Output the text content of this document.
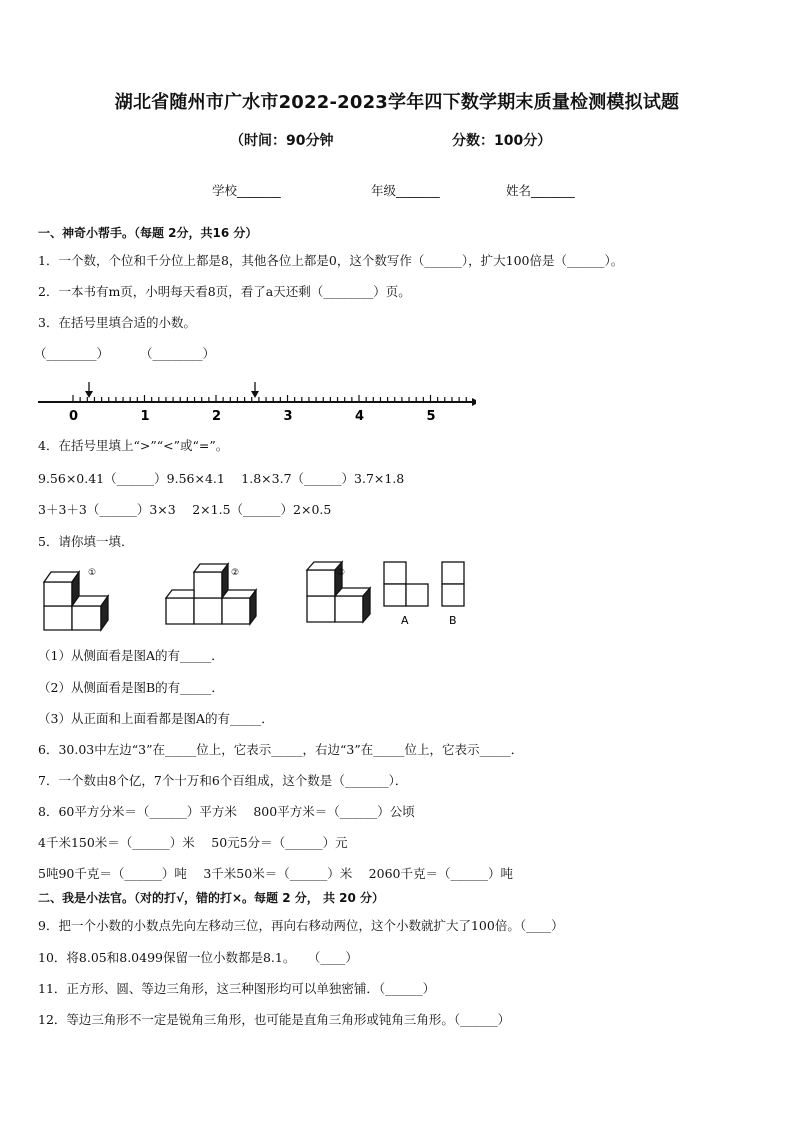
湖北省随州市广水市2022-2023学年四下数学期末质量检测模拟试题
（时间：90分钟	分数：100分）
学校_______	年级_______	姓名_______
一、神奇小帮手。（每题 2分，共16 分）
1．一个数，个位和千分位上都是8，其他各位上都是0，这个数写作（______），扩大100倍是（______）。
2．一本书有m页，小明每天看8页，看了a天还剩（________）页。
3．在括号里填合适的小数。
（________） （________）
0	1	2	3	4	5
4．在括号里填上“>”“<”或“=”。
9.56×0.41（______）9.56×4.1　 1.8×3.7（______）3.7×1.8
3＋3＋3（______）3×3　 2×1.5（______）2×0.5
5．请你填一填．
①	②	③
A	B
（1）从侧面看是图A的有_____．
（2）从侧面看是图B的有_____．
（3）从正面和上面看都是图A的有_____．
6．30.03中左边“3”在_____位上，它表示_____，右边“3”在_____位上，它表示_____．
7．一个数由8个亿，7个十万和6个百组成，这个数是（_______）．
8．60平方分米＝（______）平方米　 800平方米＝（______）公顷
4千米150米＝（______）米　 50元5分＝（______）元
5吨90千克＝（______）吨　 3千米50米＝（______）米　 2060千克＝（______）吨
二、我是小法官。（对的打√，错的打×。每题 2 分， 共 20 分）
9．把一个小数的小数点先向左移动三位，再向右移动两位，这个小数就扩大了100倍。（____）
10．将8.05和8.0499保留一位小数都是8.1。　　（____）
11．正方形、圆、等边三角形，这三种图形均可以单独密铺．（______）
12．等边三角形不一定是锐角三角形，也可能是直角三角形或钝角三角形。（______）
